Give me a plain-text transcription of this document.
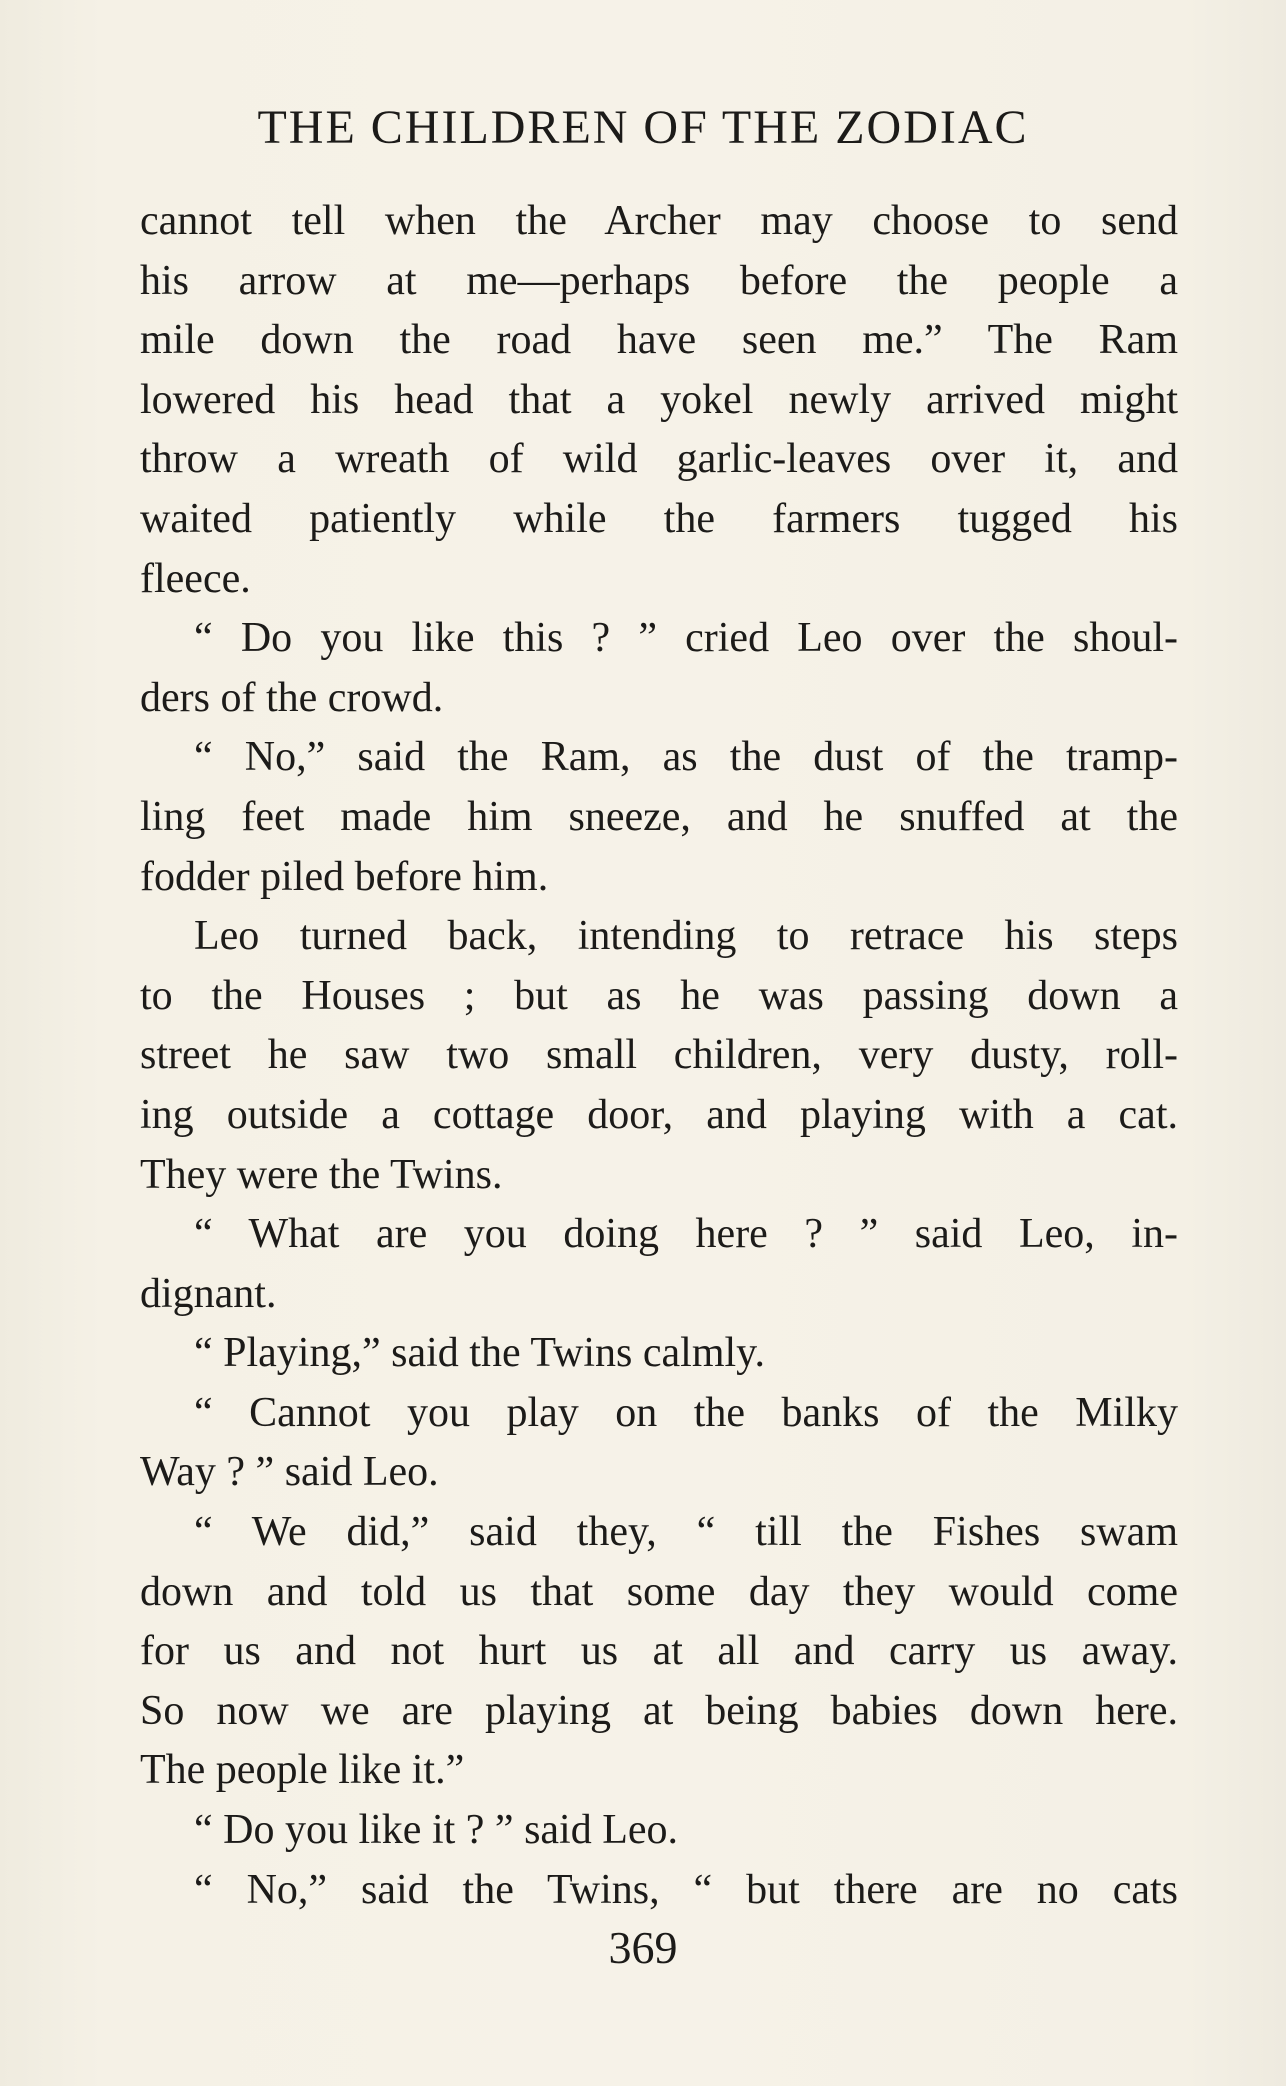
THE CHILDREN OF THE ZODIAC
cannot tell when the Archer may choose to send
his arrow at me—perhaps before the people a
mile down the road have seen me.” The Ram
lowered his head that a yokel newly arrived might
throw a wreath of wild garlic-leaves over it, and
waited patiently while the farmers tugged his
fleece.
“ Do you like this ? ” cried Leo over the shoul-
ders of the crowd.
“ No,” said the Ram, as the dust of the tramp-
ling feet made him sneeze, and he snuffed at the
fodder piled before him.
Leo turned back, intending to retrace his steps
to the Houses ; but as he was passing down a
street he saw two small children, very dusty, roll-
ing outside a cottage door, and playing with a cat.
They were the Twins.
“ What are you doing here ? ” said Leo, in-
dignant.
“ Playing,” said the Twins calmly.
“ Cannot you play on the banks of the Milky
Way ? ” said Leo.
“ We did,” said they, “ till the Fishes swam
down and told us that some day they would come
for us and not hurt us at all and carry us away.
So now we are playing at being babies down here.
The people like it.”
“ Do you like it ? ” said Leo.
“ No,” said the Twins, “ but there are no cats
369
